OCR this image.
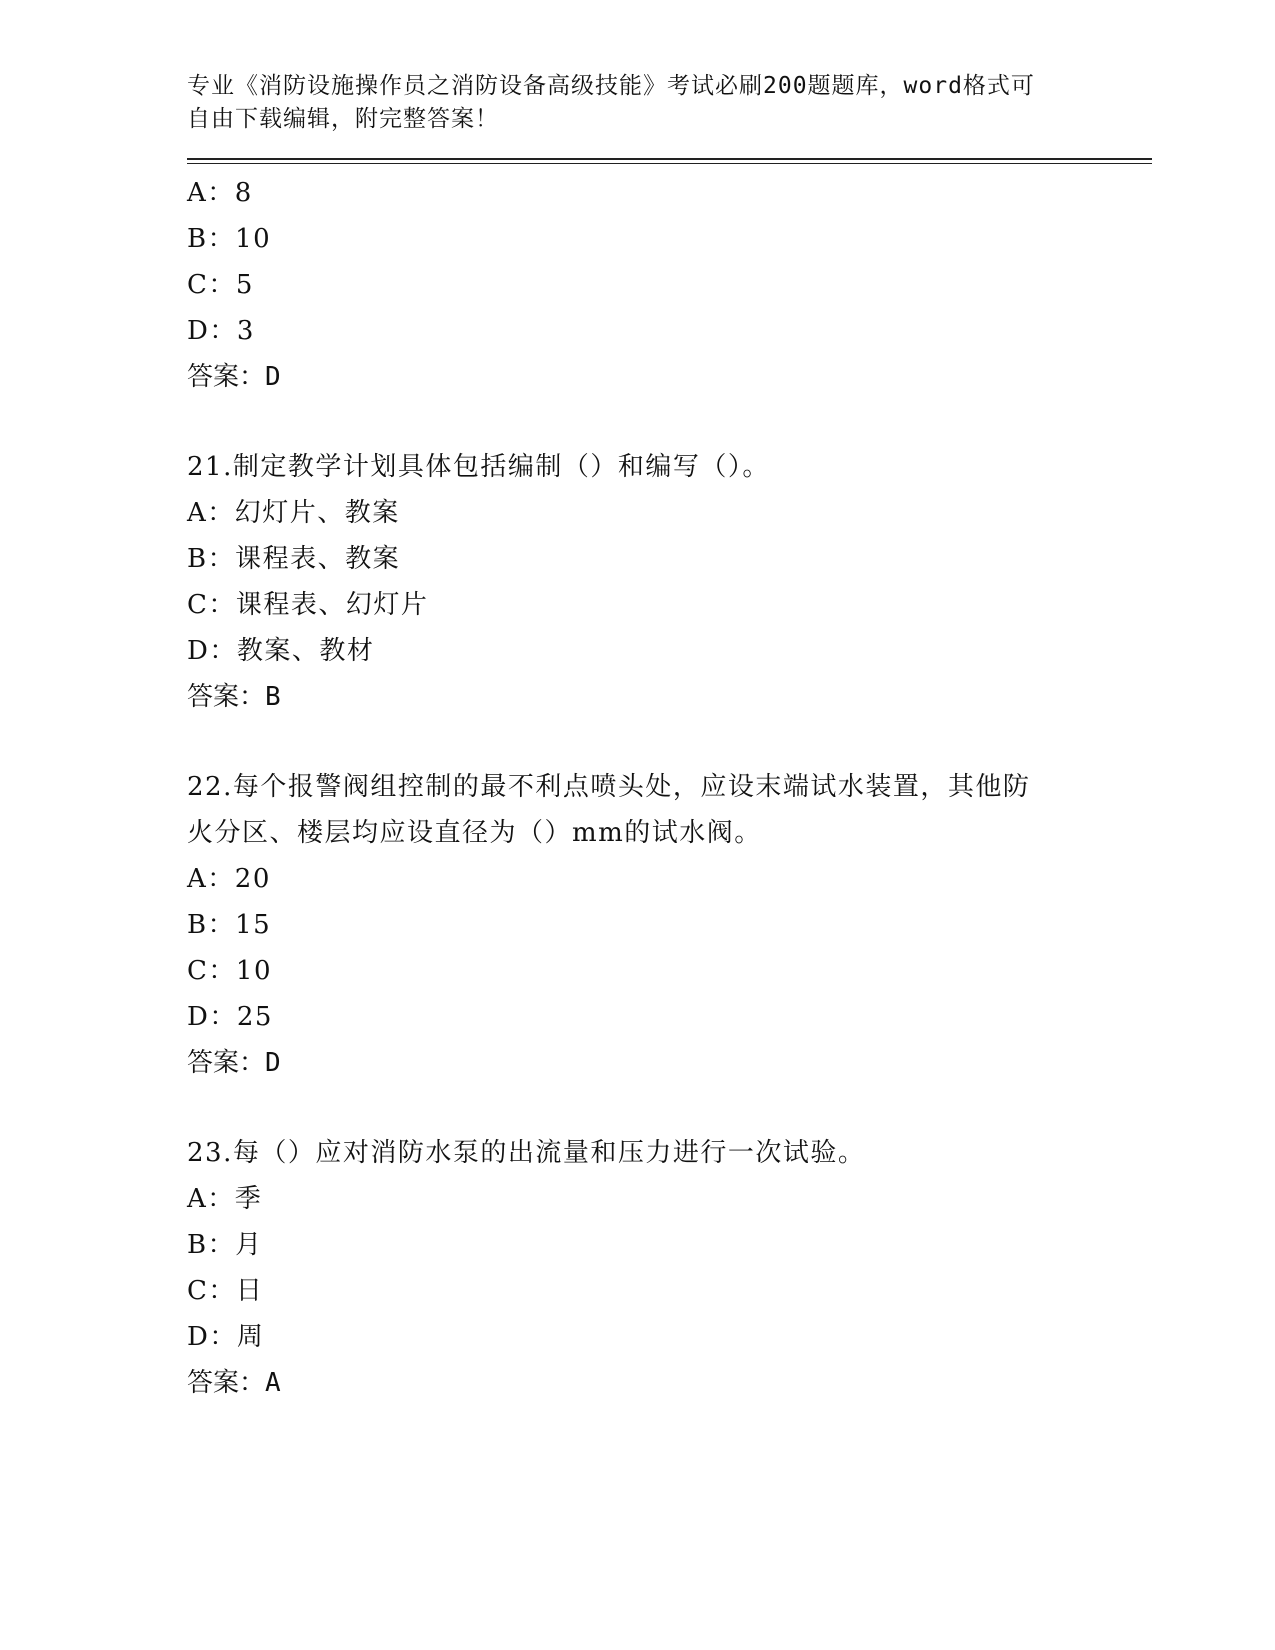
专业《消防设施操作员之消防设备高级技能》考试必刷200题题库，word格式可
自由下载编辑，附完整答案！
A：8
B：10
C：5
D：3
答案：D
21.制定教学计划具体包括编制（）和编写（）。
A：幻灯片、教案
B：课程表、教案
C：课程表、幻灯片
D：教案、教材
答案：B
22.每个报警阀组控制的最不利点喷头处，应设末端试水装置，其他防
火分区、楼层均应设直径为（）mm的试水阀。
A：20
B：15
C：10
D：25
答案：D
23.每（）应对消防水泵的出流量和压力进行一次试验。
A：季
B：月
C：日
D：周
答案：A
